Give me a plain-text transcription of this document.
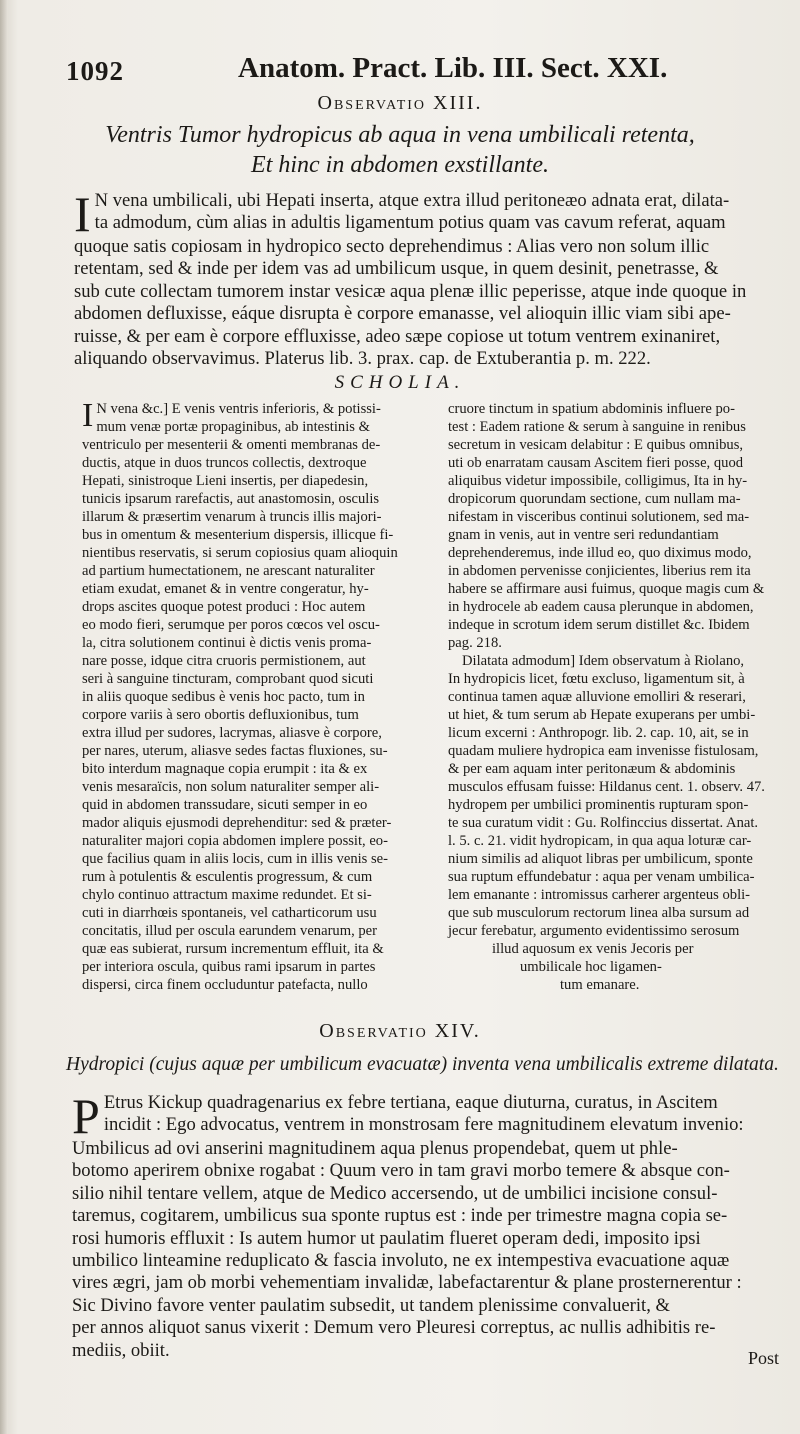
1092	Anatom. Pract. Lib. III. Sect. XXI.
Observatio XIII.
Ventris Tumor hydropicus ab aqua in vena umbilicali retenta,
Et hinc in abdomen exstillante.
I N vena umbilicali, ubi Hepati inserta, atque extra illud peritoneæo adnata erat, dilata-
ta admodum, cùm alias in adultis ligamentum potius quam vas cavum referat, aquam
quoque satis copiosam in hydropico secto deprehendimus : Alias vero non solum illic
retentam, sed & inde per idem vas ad umbilicum usque, in quem desinit, penetrasse, &
sub cute collectam tumorem instar vesicæ aqua plenæ illic peperisse, atque inde quoque in
abdomen defluxisse, eáque disrupta è corpore emanasse, vel alioquin illic viam sibi ape-
ruisse, & per eam è corpore effluxisse, adeo sæpe copiose ut totum ventrem exinaniret,
aliquando observavimus. Platerus lib. 3. prax. cap. de Extuberantia p. m. 222.
SCHOLIA.
I N vena &c.] E venis ventris inferioris, & potissi-
mum venæ portæ propaginibus, ab intestinis &
ventriculo per mesenterii & omenti membranas de-
ductis, atque in duos truncos collectis, dextroque
Hepati, sinistroque Lieni insertis, per diapedesin,
tunicis ipsarum rarefactis, aut anastomosin, osculis
illarum & præsertim venarum à truncis illis majori-
bus in omentum & mesenterium dispersis, illicque fi-
nientibus reservatis, si serum copiosius quam alioquin
ad partium humectationem, ne arescant naturaliter
etiam exudat, emanet & in ventre congeratur, hy-
drops ascites quoque potest produci : Hoc autem
eo modo fieri, serumque per poros cœcos vel oscu-
la, citra solutionem continui è dictis venis proma-
nare posse, idque citra cruoris permistionem, aut
seri à sanguine tincturam, comprobant quod sicuti
in aliis quoque sedibus è venis hoc pacto, tum in
corpore variis à sero obortis defluxionibus, tum
extra illud per sudores, lacrymas, aliasve è corpore,
per nares, uterum, aliasve sedes factas fluxiones, su-
bito interdum magnaque copia erumpit : ita & ex
venis mesaraïcis, non solum naturaliter semper ali-
quid in abdomen transsudare, sicuti semper in eo
mador aliquis ejusmodi deprehenditur: sed & præter-
naturaliter majori copia abdomen implere possit, eo-
que facilius quam in aliis locis, cum in illis venis se-
rum à potulentis & esculentis progressum, & cum
chylo continuo attractum maxime redundet. Et si-
cuti in diarrhœis spontaneis, vel catharticorum usu
concitatis, illud per oscula earundem venarum, per
quæ eas subierat, rursum incrementum effluit, ita &
per interiora oscula, quibus rami ipsarum in partes
dispersi, circa finem occluduntur patefacta, nullo
cruore tinctum in spatium abdominis influere po-
test : Eadem ratione & serum à sanguine in renibus
secretum in vesicam delabitur : E quibus omnibus,
uti ob enarratam causam Ascitem fieri posse, quod
aliquibus videtur impossibile, colligimus, Ita in hy-
dropicorum quorundam sectione, cum nullam ma-
nifestam in visceribus continui solutionem, sed ma-
gnam in venis, aut in ventre seri redundantiam
deprehenderemus, inde illud eo, quo diximus modo,
in abdomen pervenisse conjicientes, liberius rem ita
habere se affirmare ausi fuimus, quoque magis cum &
in hydrocele ab eadem causa plerunque in abdomen,
indeque in scrotum idem serum distillet &c. Ibidem
pag. 218.
Dilatata admodum] Idem observatum à Riolano,
In hydropicis licet, fœtu excluso, ligamentum sit, à
continua tamen aquæ alluvione emolliri & reserari,
ut hiet, & tum serum ab Hepate exuperans per umbi-
licum excerni : Anthropogr. lib. 2. cap. 10, ait, se in
quadam muliere hydropica eam invenisse fistulosam,
& per eam aquam inter peritonæum & abdominis
musculos effusam fuisse: Hildanus cent. 1. observ. 47.
hydropem per umbilici prominentis rupturam spon-
te sua curatum vidit : Gu. Rolfinccius dissertat. Anat.
l. 5. c. 21. vidit hydropicam, in qua aqua loturæ car-
nium similis ad aliquot libras per umbilicum, sponte
sua ruptum effundebatur : aqua per venam umbilica-
lem emanante : intromissus carherer argenteus obli-
que sub musculorum rectorum linea alba sursum ad
jecur ferebatur, argumento evidentissimo serosum
illud aquosum ex venis Jecoris per
umbilicale hoc ligamen-
tum emanare.
Observatio XIV.
Hydropici (cujus aquæ per umbilicum evacuatæ) inventa vena umbilicalis extreme dilatata.
P Etrus Kickup quadragenarius ex febre tertiana, eaque diuturna, curatus, in Ascitem
incidit : Ego advocatus, ventrem in monstrosam fere magnitudinem elevatum invenio:
Umbilicus ad ovi anserini magnitudinem aqua plenus propendebat, quem ut phle-
botomo aperirem obnixe rogabat : Quum vero in tam gravi morbo temere & absque con-
silio nihil tentare vellem, atque de Medico accersendo, ut de umbilici incisione consul-
taremus, cogitarem, umbilicus sua sponte ruptus est : inde per trimestre magna copia se-
rosi humoris effluxit : Is autem humor ut paulatim flueret operam dedi, imposito ipsi
umbilico linteamine reduplicato & fascia involuto, ne ex intempestiva evacuatione aquæ
vires ægri, jam ob morbi vehementiam invalidæ, labefactarentur & plane prosternerentur :
Sic Divino favore venter paulatim subsedit, ut tandem plenissime convaluerit, &
per annos aliquot sanus vixerit : Demum vero Pleuresi correptus, ac nullis adhibitis re-
mediis, obiit.	Post
